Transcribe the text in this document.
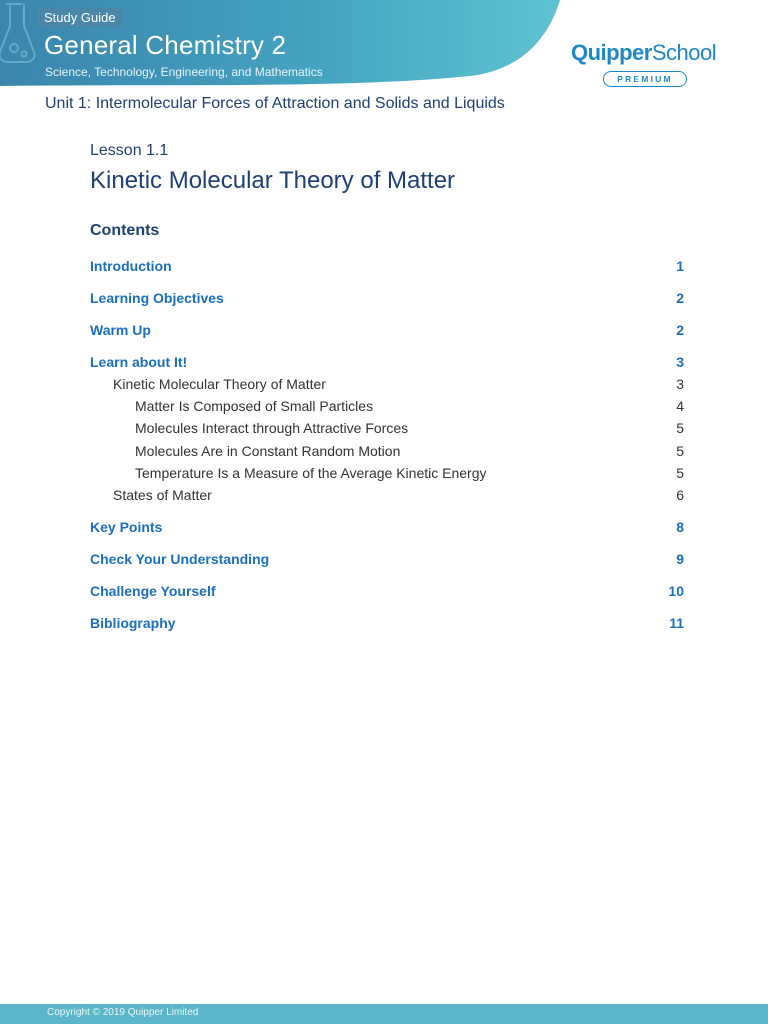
Study Guide
General Chemistry 2
Science, Technology, Engineering, and Mathematics
QuipperSchool
PREMIUM
Unit 1: Intermolecular Forces of Attraction and Solids and Liquids
Lesson 1.1
Kinetic Molecular Theory of Matter
Contents
Introduction	1
Learning Objectives	2
Warm Up	2
Learn about It!	3
Kinetic Molecular Theory of Matter	3
Matter Is Composed of Small Particles	4
Molecules Interact through Attractive Forces	5
Molecules Are in Constant Random Motion	5
Temperature Is a Measure of the Average Kinetic Energy	5
States of Matter	6
Key Points	8
Check Your Understanding	9
Challenge Yourself	10
Bibliography	11
Copyright © 2019 Quipper Limited
